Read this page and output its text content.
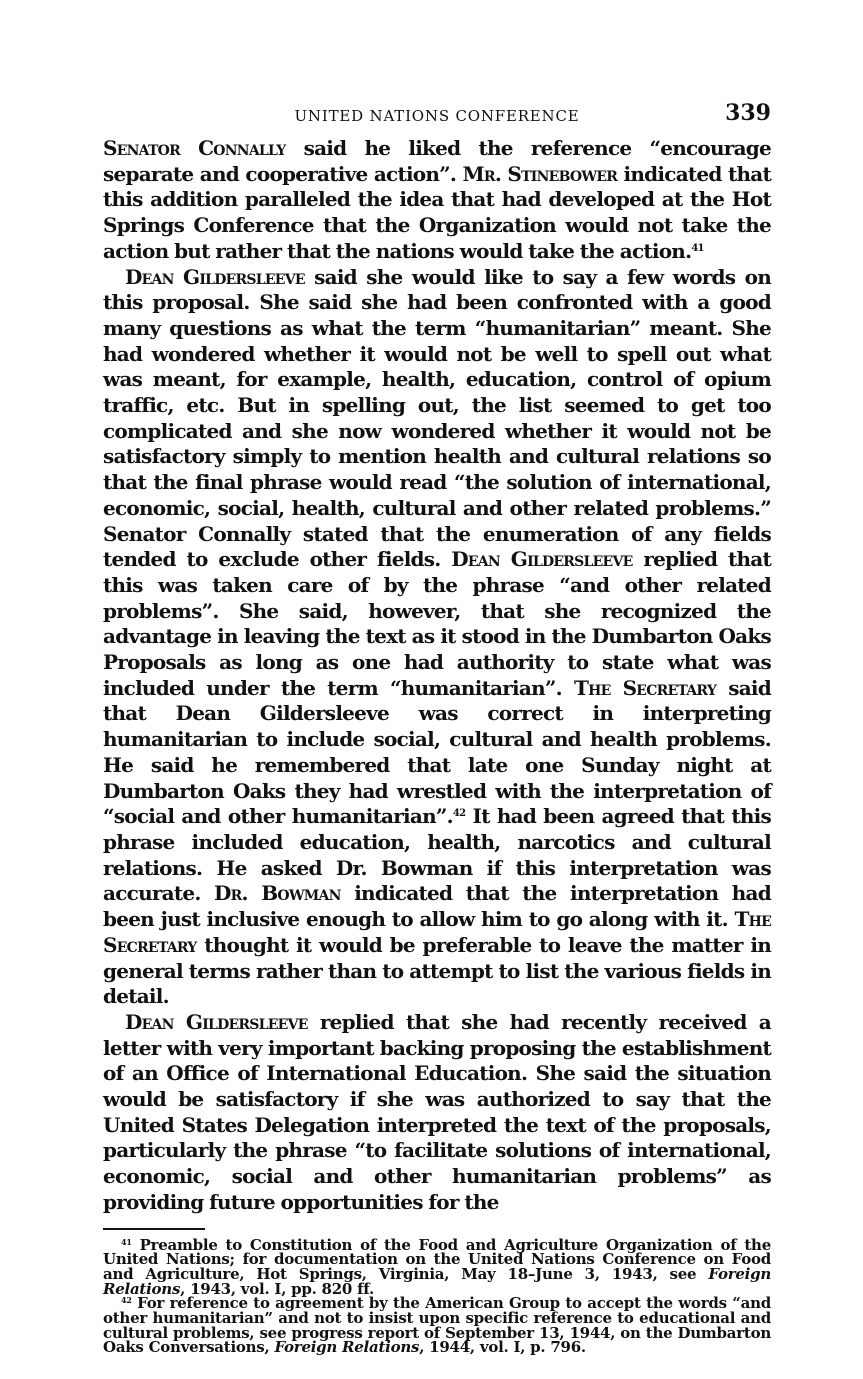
UNITED NATIONS CONFERENCE	339

Senator Connally said he liked the reference “encourage separate and cooperative action”. Mr. Stinebower indicated that this addition paralleled the idea that had developed at the Hot Springs Conference that the Organization would not take the action but rather that the nations would take the action.$^{41}$

Dean Gildersleeve said she would like to say a few words on this proposal. She said she had been confronted with a good many questions as what the term “humanitarian” meant. She had wondered whether it would not be well to spell out what was meant, for example, health, education, control of opium traffic, etc. But in spelling out, the list seemed to get too complicated and she now wondered whether it would not be satisfactory simply to mention health and cultural relations so that the final phrase would read “the solution of international, economic, social, health, cultural and other related problems.” Senator Connally stated that the enumeration of any fields tended to exclude other fields. Dean Gildersleeve replied that this was taken care of by the phrase “and other related problems”. She said, however, that she recognized the advantage in leaving the text as it stood in the Dumbarton Oaks Proposals as long as one had authority to state what was included under the term “humanitarian”. The Secretary said that Dean Gildersleeve was correct in interpreting humanitarian to include social, cultural and health problems. He said he remembered that late one Sunday night at Dumbarton Oaks they had wrestled with the interpretation of “social and other humanitarian”.$^{42}$ It had been agreed that this phrase included education, health, narcotics and cultural relations. He asked Dr. Bowman if this interpretation was accurate. Dr. Bowman indicated that the interpretation had been just inclusive enough to allow him to go along with it. The Secretary thought it would be preferable to leave the matter in general terms rather than to attempt to list the various fields in detail.

Dean Gildersleeve replied that she had recently received a letter with very important backing proposing the establishment of an Office of International Education. She said the situation would be satisfactory if she was authorized to say that the United States Delegation interpreted the text of the proposals, particularly the phrase “to facilitate solutions of international, economic, social and other humanitarian problems” as providing future opportunities for the

$^{41}$ Preamble to Constitution of the Food and Agriculture Organization of the United Nations; for documentation on the United Nations Conference on Food and Agriculture, Hot Springs, Virginia, May 18–June 3, 1943, see Foreign Relations, 1943, vol. I, pp. 820 ff.

$^{42}$ For reference to agreement by the American Group to accept the words “and other humanitarian” and not to insist upon specific reference to educational and cultural problems, see progress report of September 13, 1944, on the Dumbarton Oaks Conversations, Foreign Relations, 1944, vol. I, p. 796.
